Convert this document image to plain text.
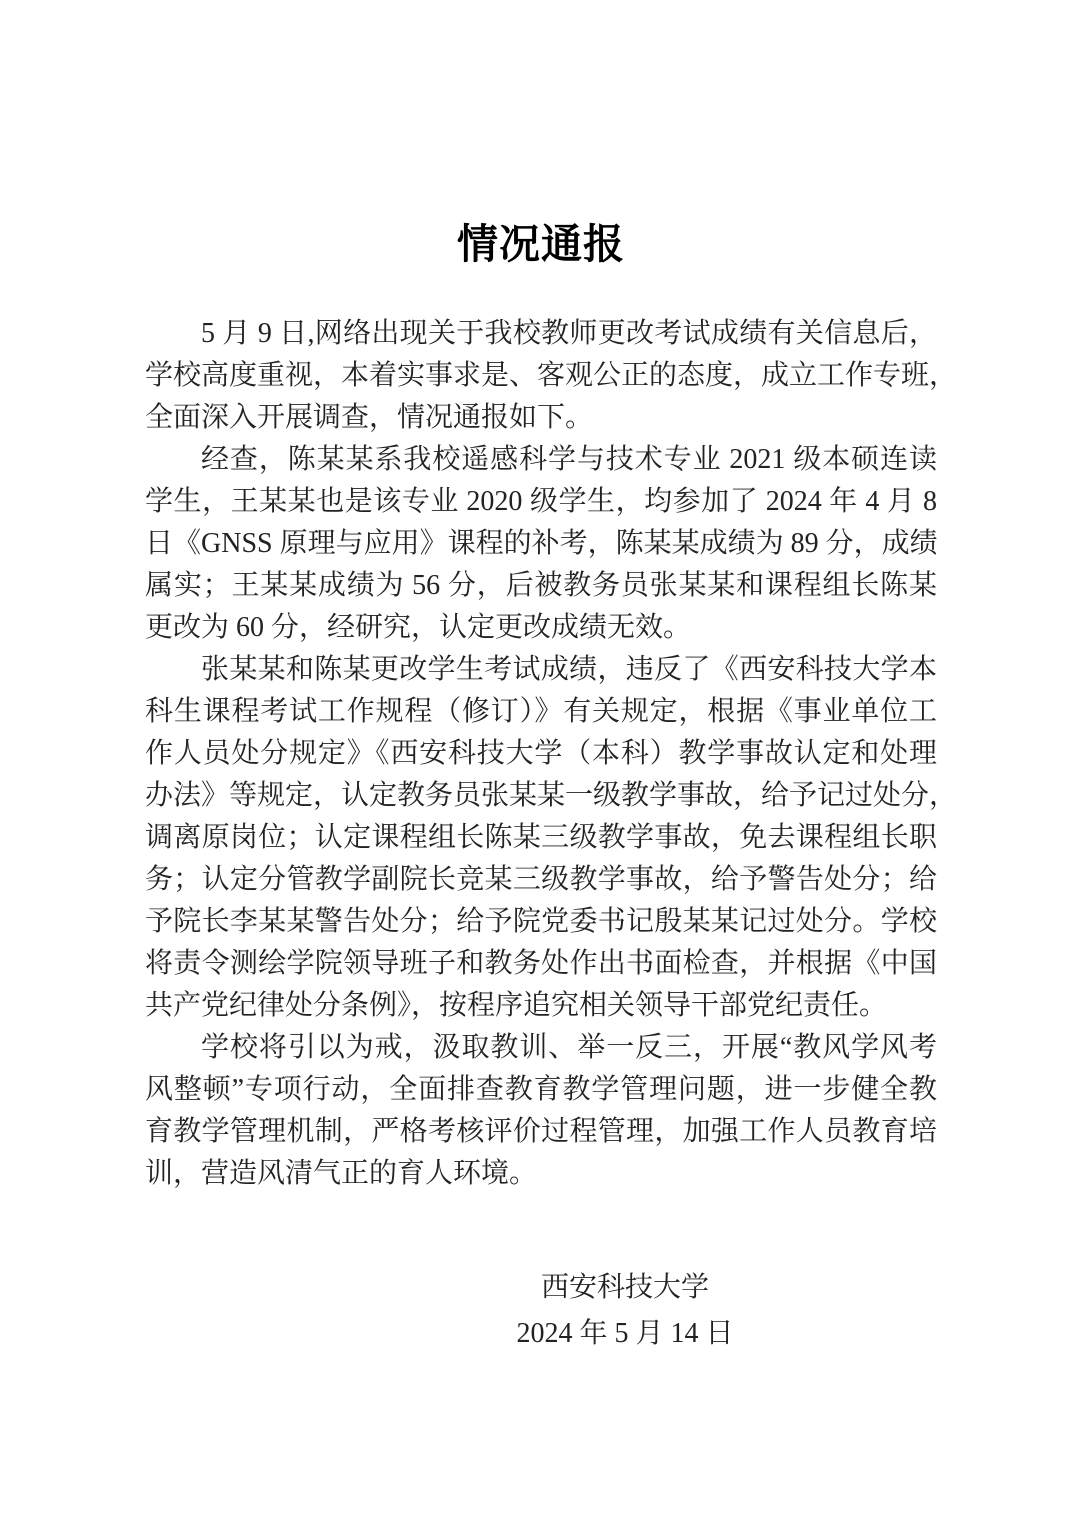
情况通报
5 月 9 日,网络出现关于我校教师更改考试成绩有关信息后，
学校高度重视，本着实事求是、客观公正的态度，成立工作专班，
全面深入开展调查，情况通报如下。
经查，陈某某系我校遥感科学与技术专业 2021 级本硕连读
学生，王某某也是该专业 2020 级学生，均参加了 2024 年 4 月 8
日《GNSS 原理与应用》课程的补考，陈某某成绩为 89 分，成绩
属实；王某某成绩为 56 分，后被教务员张某某和课程组长陈某
更改为 60 分，经研究，认定更改成绩无效。
张某某和陈某更改学生考试成绩，违反了《西安科技大学本
科生课程考试工作规程（修订）》有关规定，根据《事业单位工
作人员处分规定》《西安科技大学（本科）教学事故认定和处理
办法》等规定，认定教务员张某某一级教学事故，给予记过处分，
调离原岗位；认定课程组长陈某三级教学事故，免去课程组长职
务；认定分管教学副院长竞某三级教学事故，给予警告处分；给
予院长李某某警告处分；给予院党委书记殷某某记过处分。学校
将责令测绘学院领导班子和教务处作出书面检查，并根据《中国
共产党纪律处分条例》，按程序追究相关领导干部党纪责任。
学校将引以为戒，汲取教训、举一反三，开展“教风学风考
风整顿”专项行动，全面排查教育教学管理问题，进一步健全教
育教学管理机制，严格考核评价过程管理，加强工作人员教育培
训，营造风清气正的育人环境。
西安科技大学
2024 年 5 月 14 日
